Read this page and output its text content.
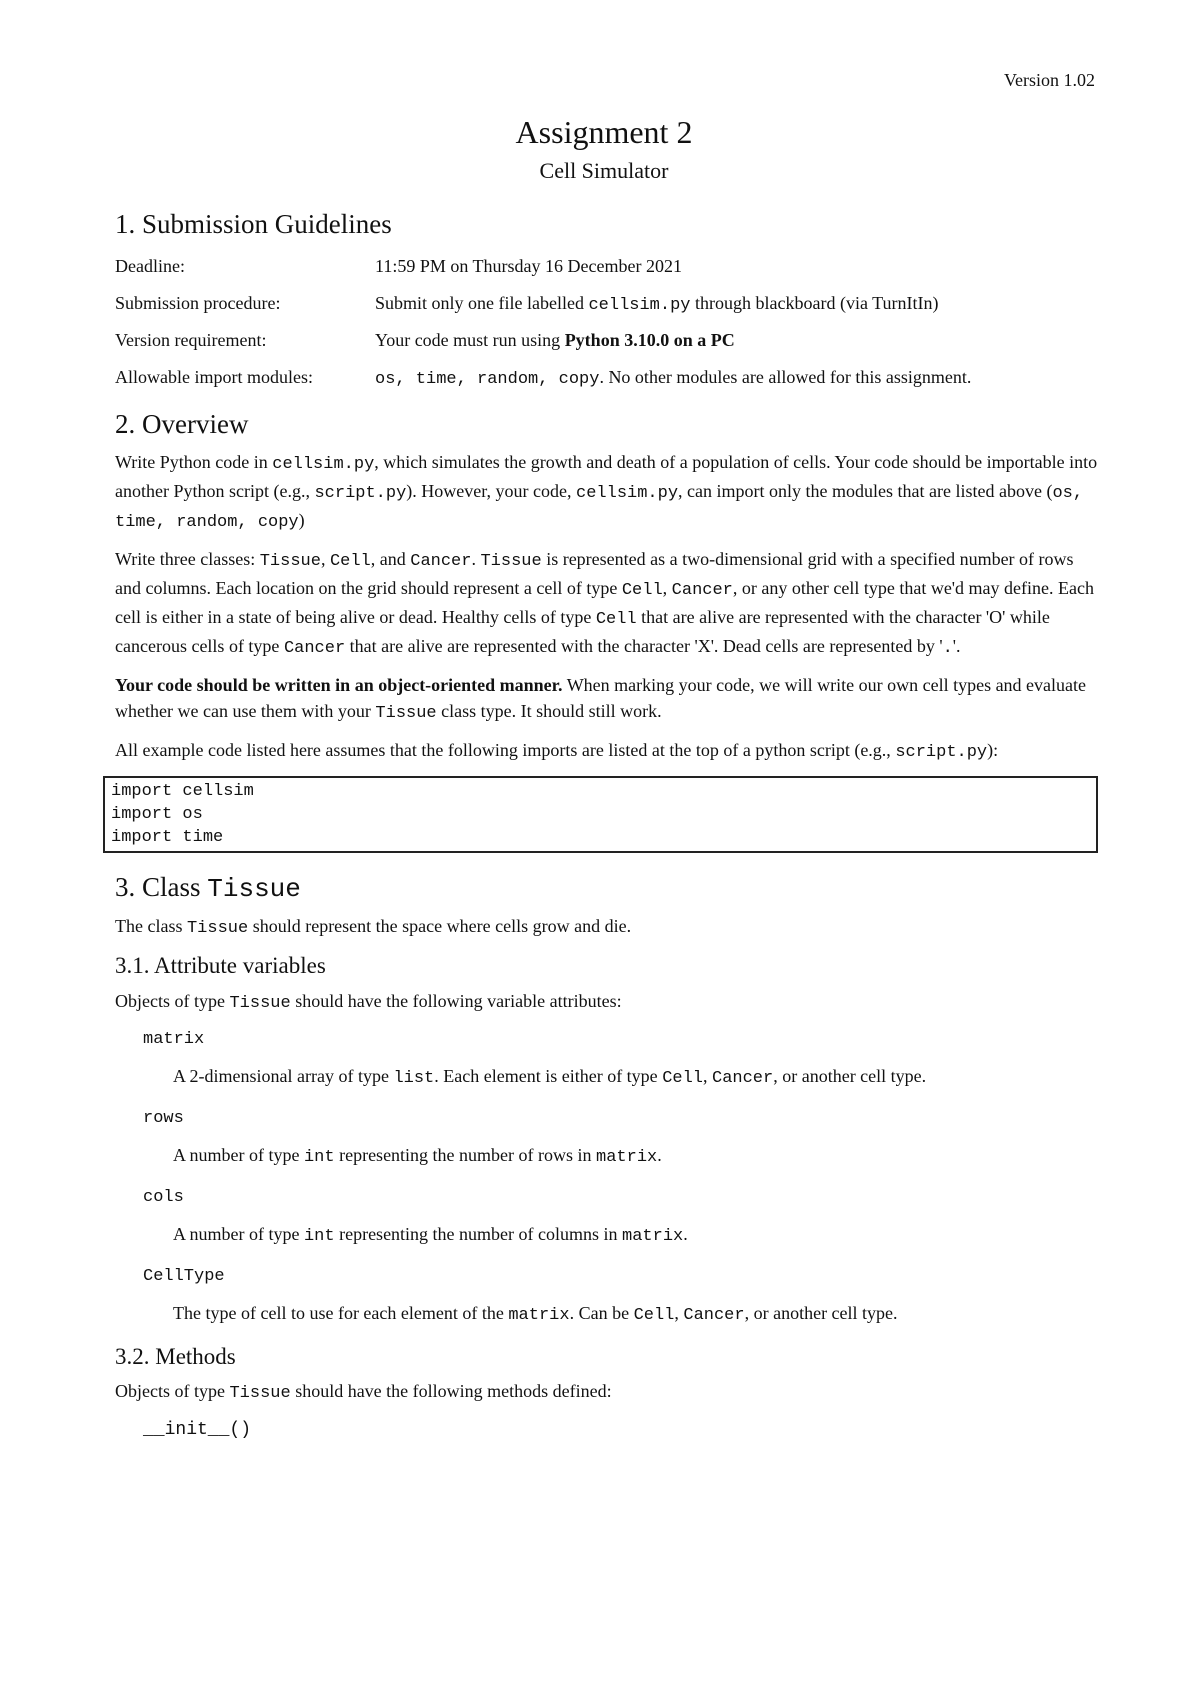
Version 1.02
Assignment 2
Cell Simulator
1. Submission Guidelines
Deadline:	11:59 PM on Thursday 16 December 2021
Submission procedure:	Submit only one file labelled cellsim.py through blackboard (via TurnItIn)
Version requirement:	Your code must run using Python 3.10.0 on a PC
Allowable import modules:	os, time, random, copy. No other modules are allowed for this assignment.
2. Overview

Write Python code in cellsim.py, which simulates the growth and death of a population of cells. Your code should be importable into another Python script (e.g., script.py). However, your code, cellsim.py, can import only the modules that are listed above (os, time, random, copy)

Write three classes: Tissue, Cell, and Cancer. Tissue is represented as a two-dimensional grid with a specified number of rows and columns. Each location on the grid should represent a cell of type Cell, Cancer, or any other cell type that we'd may define. Each cell is either in a state of being alive or dead. Healthy cells of type Cell that are alive are represented with the character 'O' while cancerous cells of type Cancer that are alive are represented with the character 'X'. Dead cells are represented by '.'.

Your code should be written in an object-oriented manner. When marking your code, we will write our own cell types and evaluate whether we can use them with your Tissue class type. It should still work.

All example code listed here assumes that the following imports are listed at the top of a python script (e.g., script.py):

import cellsim
import os
import time
3. Class Tissue

The class Tissue should represent the space where cells grow and die.

3.1. Attribute variables

Objects of type Tissue should have the following variable attributes:

matrix
A 2-dimensional array of type list. Each element is either of type Cell, Cancer, or another cell type.
rows
A number of type int representing the number of rows in matrix.
cols
A number of type int representing the number of columns in matrix.
CellType
The type of cell to use for each element of the matrix. Can be Cell, Cancer, or another cell type.
3.2. Methods

Objects of type Tissue should have the following methods defined:

__init__()
